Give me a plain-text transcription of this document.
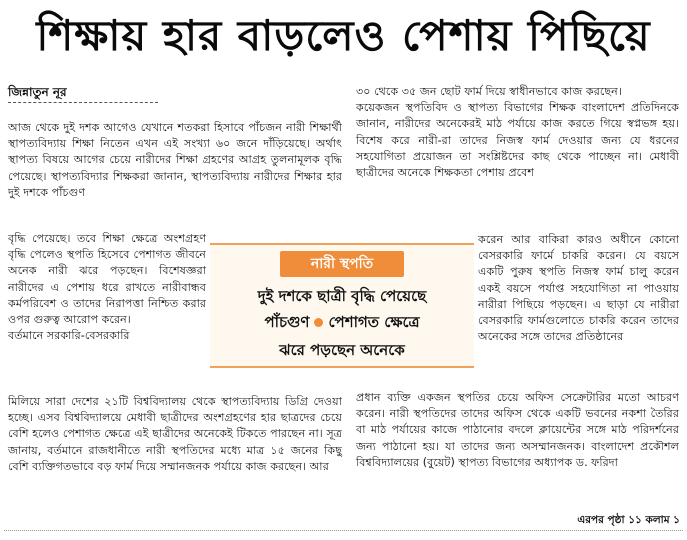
শিক্ষায় হার বাড়লেও পেশায় পিছিয়ে
জিন্নাতুন নূর

আজ থেকে দুই দশক আগেও যেখানে শতকরা হিসাবে পাঁচজন নারী শিক্ষার্থী স্থাপত্যবিদ্যায় শিক্ষা নিতেন এখন এই সংখ্যা ৬০ জনে দাঁড়িয়েছে। অর্থাৎ স্থাপত্য বিষয়ে আগের চেয়ে নারীদের শিক্ষা গ্রহণের আগ্রহ তুলনামূলক বৃদ্ধি পেয়েছে। স্থাপত্যবিদ্যার শিক্ষকরা জানান, স্থাপত্যবিদ্যায় নারীদের শিক্ষার হার দুই দশকে পাঁচগুণ

বৃদ্ধি পেয়েছে। তবে শিক্ষা ক্ষেত্রে অংশগ্রহণ বৃদ্ধি পেলেও স্থপতি হিসেবে পেশাগত জীবনে অনেক নারী ঝরে পড়ছেন। বিশেষজ্ঞরা নারীদের এ পেশায় ধরে রাখতে নারীবান্ধব কর্মপরিবেশ ও তাদের নিরাপত্তা নিশ্চিত করার ওপর গুরুত্ব আরোপ করেন।

বর্তমানে সরকারি-বেসরকারি

মিলিয়ে সারা দেশের ২১টি বিশ্ববিদ্যালয় থেকে স্থাপত্যবিদ্যায় ডিগ্রি দেওয়া হচ্ছে। এসব বিশ্ববিদ্যালয়ে মেধাবী ছাত্রীদের অংশগ্রহণের হার ছাত্রদের চেয়ে বেশি হলেও পেশাগত ক্ষেত্রে এই ছাত্রীদের অনেকেই টিকতে পারছেন না। সূত্র জানায়, বর্তমানে রাজধানীতে নারী স্থপতিদের মধ্যে মাত্র ১৫ জনের কিছু বেশি ব্যক্তিগতভাবে বড় ফার্ম দিয়ে সম্মানজনক পর্যায়ে কাজ করছেন। আর

৩০ থেকে ৩৫ জন ছোট ফার্ম দিয়ে স্বাধীনভাবে কাজ করছেন।

কয়েকজন স্থপতিবিদ ও স্থাপত্য বিভাগের শিক্ষক বাংলাদেশ প্রতিদিনকে জানান, নারীদের অনেকেরই মাঠ পর্যায়ে কাজ করতে গিয়ে স্বপ্নভঙ্গ হয়। বিশেষ করে নারী-রা তাদের নিজস্ব ফার্ম দেওয়ার জন্য যে ধরনের সহযোগিতা প্রয়োজন তা সংশ্লিষ্টদের কাছ থেকে পাচ্ছেন না। মেধাবী ছাত্রীদের অনেকে শিক্ষকতা পেশায় প্রবেশ

করেন আর বাকিরা কারও অধীনে কোনো বেসরকারি ফার্মে চাকরি করেন। যে বয়সে একটি পুরুষ স্থপতি নিজস্ব ফার্ম চালু করেন একই বয়সে পর্যাপ্ত সহযোগিতা না পাওয়ায় নারীরা পিছিয়ে পড়ছেন। এ ছাড়া যে নারীরা বেসরকারি ফার্মগুলোতে চাকরি করেন তাদের অনেকের সঙ্গে তাদের প্রতিষ্ঠানের

প্রধান ব্যক্তি একজন স্থপতির চেয়ে অফিস সেক্রেটারির মতো আচরণ করেন। নারী স্থপতিদের তাদের অফিস থেকে একটি ভবনের নকশা তৈরির বা মাঠ পর্যায়ের কাজে পাঠানোর বদলে ক্লায়েন্টের সঙ্গে মাঠ পরিদর্শনের জন্য পাঠানো হয়। যা তাদের জন্য অসম্মানজনক। বাংলাদেশ প্রকৌশল বিশ্ববিদ্যালয়ের (বুয়েট) স্থাপত্য বিভাগের অধ্যাপক ড. ফরিদা

এরপর পৃষ্ঠা ১১ কলাম ১
নারী স্থপতি
দুই দশকে ছাত্রী বৃদ্ধি পেয়েছে
পাঁচগুণ পেশাগত ক্ষেত্রে
ঝরে পড়ছেন অনেকে
